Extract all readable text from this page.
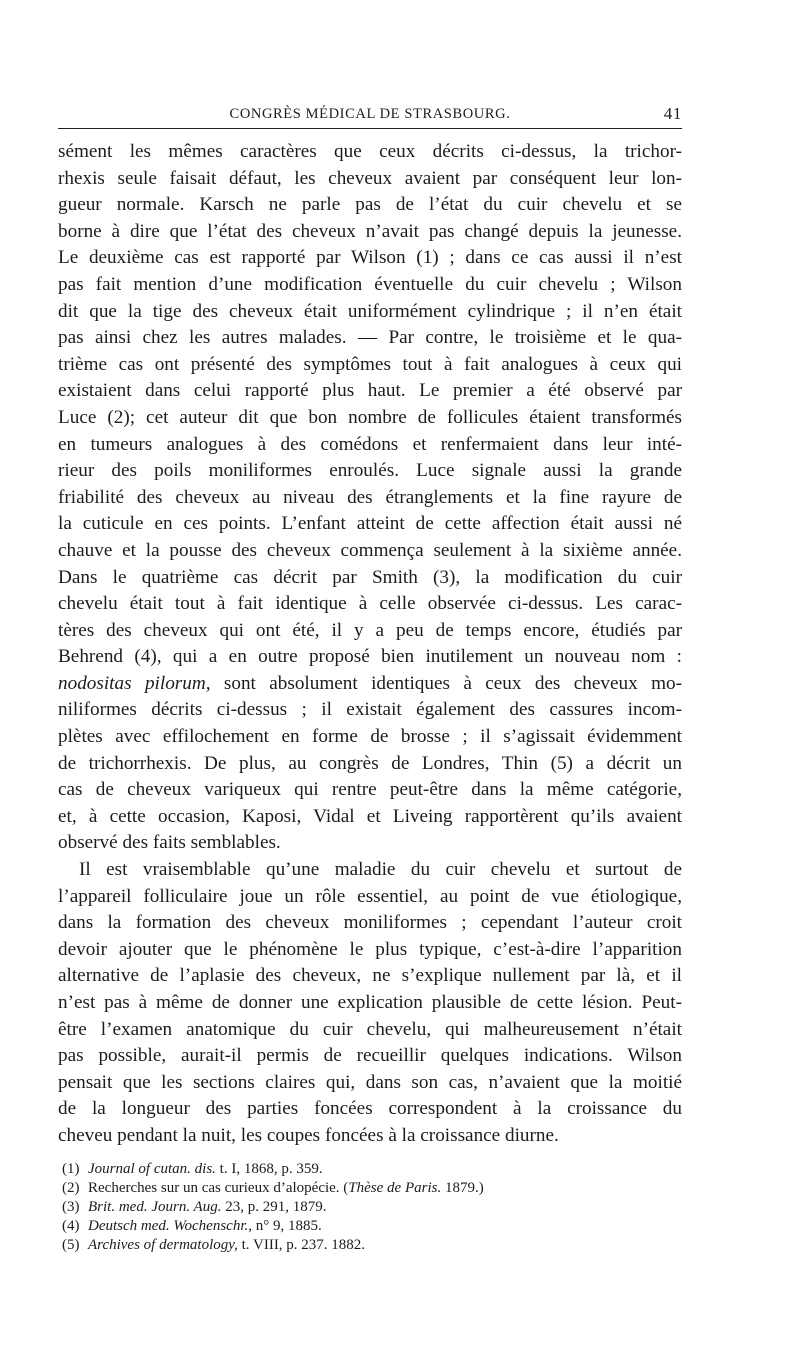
CONGRÈS MÉDICAL DE STRASBOURG.	41

sément les mêmes caractères que ceux décrits ci-dessus, la trichor-

rhexis seule faisait défaut, les cheveux avaient par conséquent leur lon-

gueur normale. Karsch ne parle pas de l’état du cuir chevelu et se

borne à dire que l’état des cheveux n’avait pas changé depuis la jeunesse.

Le deuxième cas est rapporté par Wilson (1) ; dans ce cas aussi il n’est

pas fait mention d’une modification éventuelle du cuir chevelu ; Wilson

dit que la tige des cheveux était uniformément cylindrique ; il n’en était

pas ainsi chez les autres malades. — Par contre, le troisième et le qua-

trième cas ont présenté des symptômes tout à fait analogues à ceux qui

existaient dans celui rapporté plus haut. Le premier a été observé par

Luce (2); cet auteur dit que bon nombre de follicules étaient transformés

en tumeurs analogues à des comédons et renfermaient dans leur inté-

rieur des poils moniliformes enroulés. Luce signale aussi la grande

friabilité des cheveux au niveau des étranglements et la fine rayure de

la cuticule en ces points. L’enfant atteint de cette affection était aussi né

chauve et la pousse des cheveux commença seulement à la sixième année.

Dans le quatrième cas décrit par Smith (3), la modification du cuir

chevelu était tout à fait identique à celle observée ci-dessus. Les carac-

tères des cheveux qui ont été, il y a peu de temps encore, étudiés par

Behrend (4), qui a en outre proposé bien inutilement un nouveau nom :

nodositas pilorum, sont absolument identiques à ceux des cheveux mo-

niliformes décrits ci-dessus ; il existait également des cassures incom-

plètes avec effilochement en forme de brosse ; il s’agissait évidemment

de trichorrhexis. De plus, au congrès de Londres, Thin (5) a décrit un

cas de cheveux variqueux qui rentre peut-être dans la même catégorie,

et, à cette occasion, Kaposi, Vidal et Liveing rapportèrent qu’ils avaient

observé des faits semblables.

Il est vraisemblable qu’une maladie du cuir chevelu et surtout de

l’appareil folliculaire joue un rôle essentiel, au point de vue étiologique,

dans la formation des cheveux moniliformes ; cependant l’auteur croit

devoir ajouter que le phénomène le plus typique, c’est-à-dire l’apparition

alternative de l’aplasie des cheveux, ne s’explique nullement par là, et il

n’est pas à même de donner une explication plausible de cette lésion. Peut-

être l’examen anatomique du cuir chevelu, qui malheureusement n’était

pas possible, aurait-il permis de recueillir quelques indications. Wilson

pensait que les sections claires qui, dans son cas, n’avaient que la moitié

de la longueur des parties foncées correspondent à la croissance du

cheveu pendant la nuit, les coupes foncées à la croissance diurne.

(1) Journal of cutan. dis. t. I, 1868, p. 359.
(2) Recherches sur un cas curieux d’alopécie. (Thèse de Paris. 1879.)
(3) Brit. med. Journ. Aug. 23, p. 291, 1879.
(4) Deutsch med. Wochenschr., n° 9, 1885.
(5) Archives of dermatology, t. VIII, p. 237. 1882.
